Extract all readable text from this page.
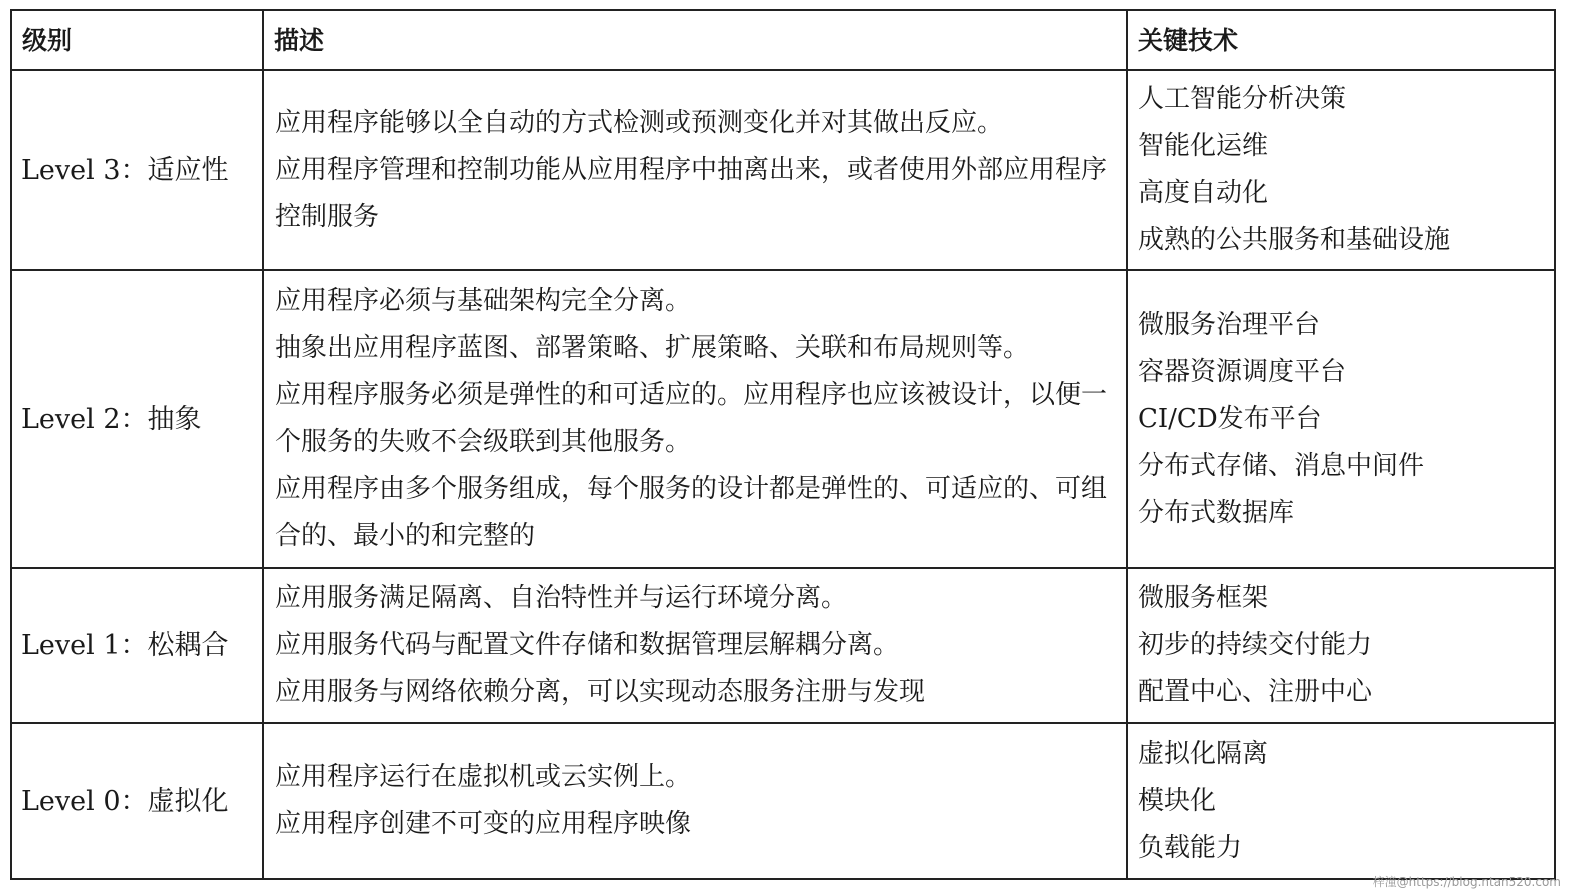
级别	描述	关键技术
Level 3：适应性
应用程序能够以全自动的方式检测或预测变化并对其做出反应。
应用程序管理和控制功能从应用程序中抽离出来，或者使用外部应用程序控制服务
人工智能分析决策
智能化运维
高度自动化
成熟的公共服务和基础设施
Level 2：抽象
应用程序必须与基础架构完全分离。
抽象出应用程序蓝图、部署策略、扩展策略、关联和布局规则等。
应用程序服务必须是弹性的和可适应的。应用程序也应该被设计，以便一个服务的失败不会级联到其他服务。
应用程序由多个服务组成，每个服务的设计都是弹性的、可适应的、可组合的、最小的和完整的
微服务治理平台
容器资源调度平台
CI/CD发布平台
分布式存储、消息中间件
分布式数据库
Level 1：松耦合
应用服务满足隔离、自治特性并与运行环境分离。
应用服务代码与配置文件存储和数据管理层解耦分离。
应用服务与网络依赖分离，可以实现动态服务注册与发现
微服务框架
初步的持续交付能力
配置中心、注册中心
Level 0：虚拟化
应用程序运行在虚拟机或云实例上。
应用程序创建不可变的应用程序映像
虚拟化隔离
模块化
负载能力
梓潼@https://blog.ntan520.com
